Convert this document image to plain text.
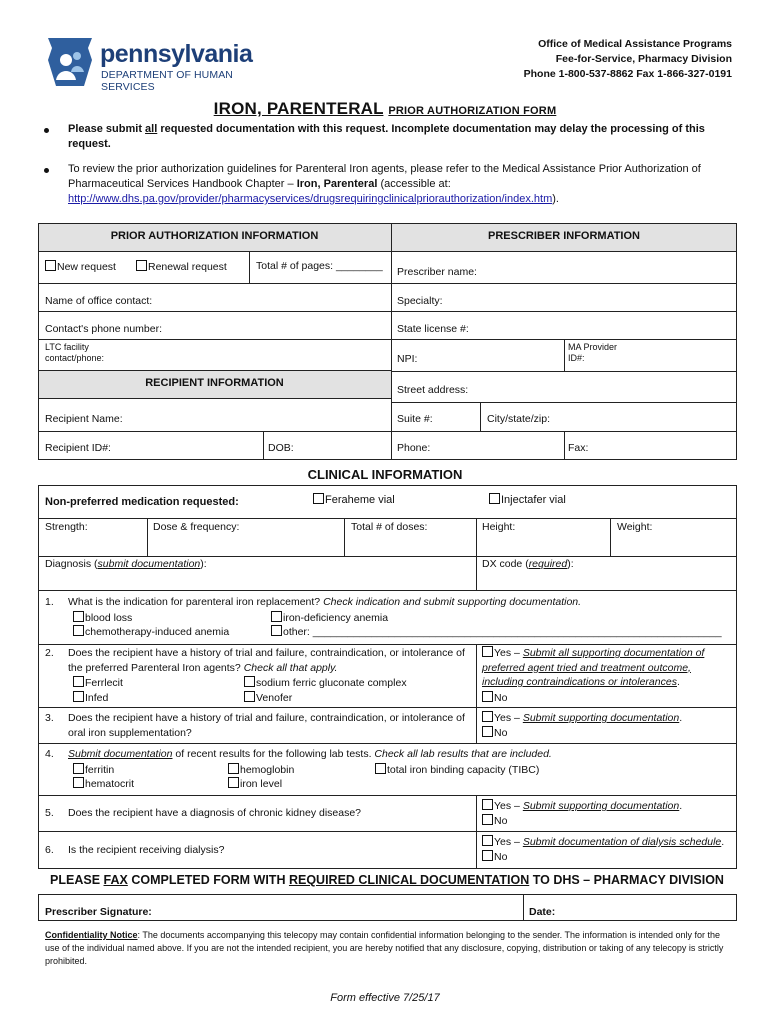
pennsylvania
DEPARTMENT OF HUMAN SERVICES
Office of Medical Assistance Programs
Fee-for-Service, Pharmacy Division
Phone 1-800-537-8862 Fax 1-866-327-0191
IRON, PARENTERAL PRIOR AUTHORIZATION FORM
Please submit all requested documentation with this request. Incomplete documentation may delay the processing of this request.
To review the prior authorization guidelines for Parenteral Iron agents, please refer to the Medical Assistance Prior Authorization of Pharmaceutical Services Handbook Chapter – Iron, Parenteral (accessible at:
http://www.dhs.pa.gov/provider/pharmacyservices/drugsrequiringclinicalpriorauthorization/index.htm).
PRIOR AUTHORIZATION INFORMATION	PRESCRIBER INFORMATION
New request	Renewal request	Total # of pages: ________
Name of office contact:
Contact's phone number:
LTC facility contact/phone:
RECIPIENT INFORMATION
Recipient Name:
Recipient ID#:	DOB:
Prescriber name:
Specialty:
State license #:
NPI:
MA Provider ID#:
Street address:
Suite #:	City/state/zip:
Phone:	Fax:
CLINICAL INFORMATION
Non-preferred medication requested:	Feraheme vial	Injectafer vial
Strength:	Dose & frequency:	Total # of doses:	Height:	Weight:
Diagnosis (submit documentation):	DX code (required):
1. What is the indication for parenteral iron replacement? Check indication and submit supporting documentation.
blood loss	iron-deficiency anemia
chemotherapy-induced anemia	other: ______________________________________________________________________
2. Does the recipient have a history of trial and failure, contraindication, or intolerance of the preferred Parenteral Iron agents? Check all that apply.
Ferrlecit	sodium ferric gluconate complex
Infed	Venofer
Yes – Submit all supporting documentation of preferred agent tried and treatment outcome, including contraindications or intolerances.
No
3. Does the recipient have a history of trial and failure, contraindication, or intolerance of oral iron supplementation?
Yes – Submit supporting documentation.
No
4. Submit documentation of recent results for the following lab tests. Check all lab results that are included.
ferritin	hemoglobin	total iron binding capacity (TIBC)
hematocrit	iron level
5. Does the recipient have a diagnosis of chronic kidney disease?
Yes – Submit supporting documentation.
No
6. Is the recipient receiving dialysis?
Yes – Submit documentation of dialysis schedule.
No
PLEASE FAX COMPLETED FORM WITH REQUIRED CLINICAL DOCUMENTATION TO DHS – PHARMACY DIVISION
Prescriber Signature:	Date:
Confidentiality Notice: The documents accompanying this telecopy may contain confidential information belonging to the sender. The information is intended only for the use of the individual named above. If you are not the intended recipient, you are hereby notified that any disclosure, copying, distribution or taking of any telecopy is strictly prohibited.
Form effective 7/25/17
